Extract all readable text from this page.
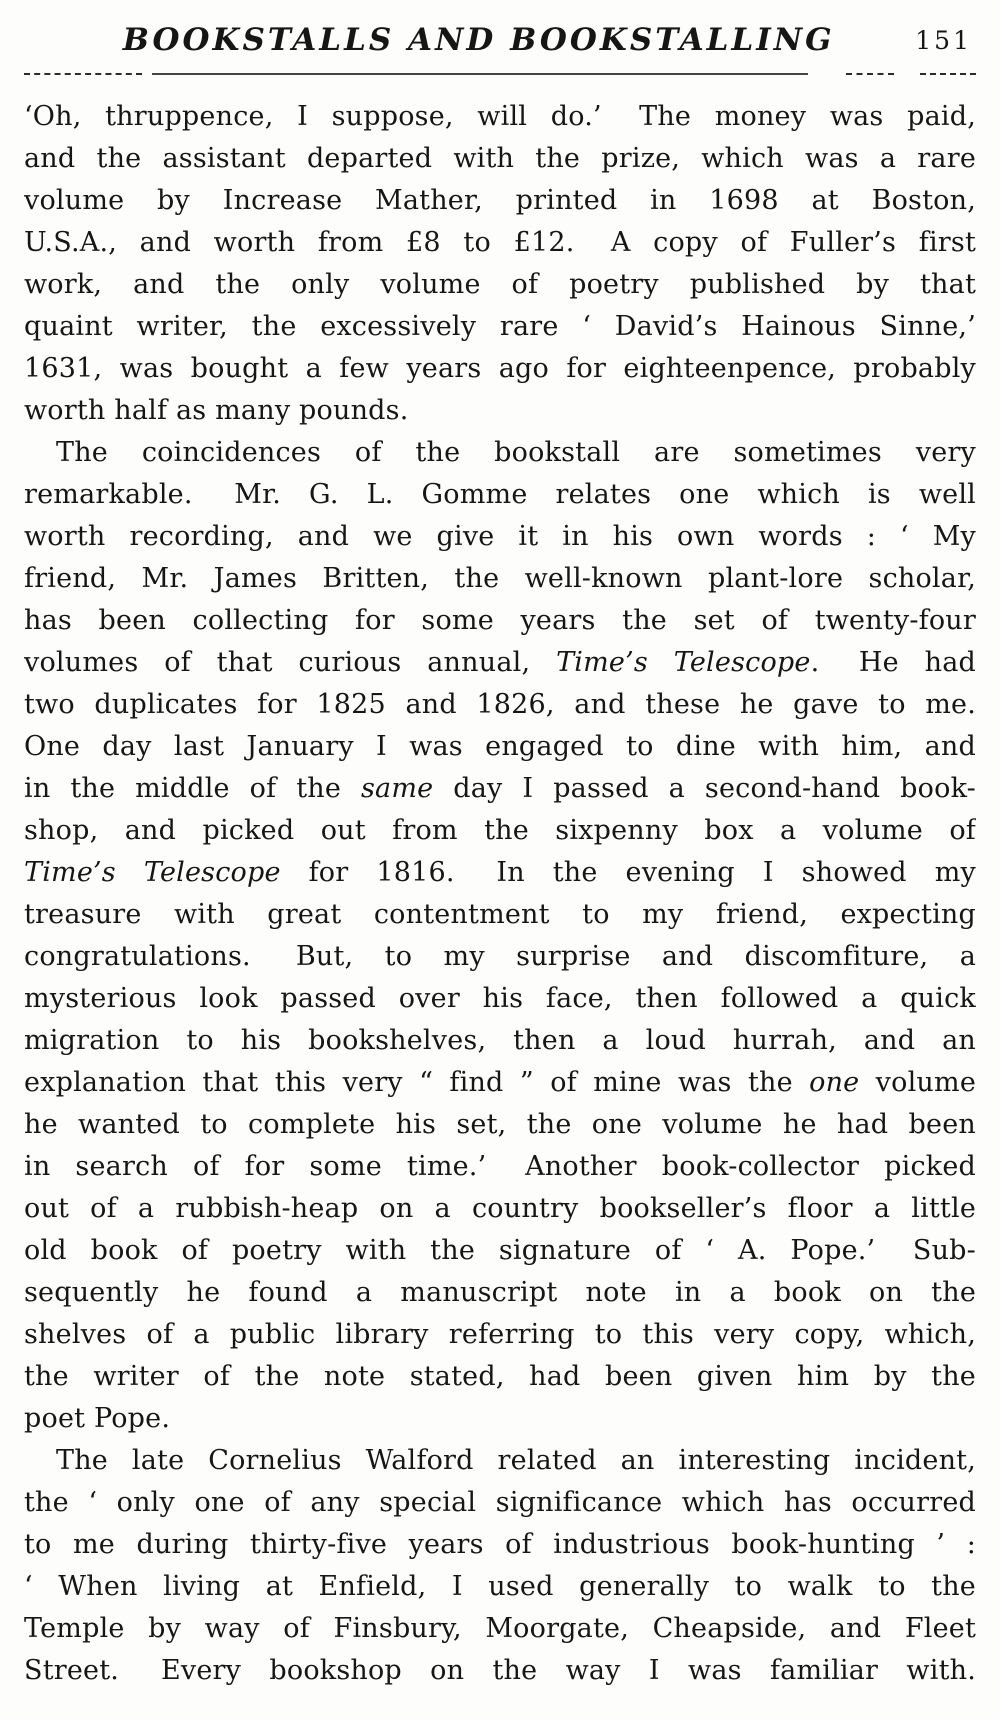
BOOKSTALLS AND BOOKSTALLING	151
‘Oh, thruppence, I suppose, will do.’  The money was paid,
and the assistant departed with the prize, which was a rare
volume by Increase Mather, printed in 1698 at Boston,
U.S.A., and worth from £8 to £12.  A copy of Fuller’s first
work, and the only volume of poetry published by that
quaint writer, the excessively rare ‘ David’s Hainous Sinne,’
1631, was bought a few years ago for eighteenpence, probably
worth half as many pounds.
The coincidences of the bookstall are sometimes very
remarkable.  Mr. G. L. Gomme relates one which is well
worth recording, and we give it in his own words : ‘ My
friend, Mr. James Britten, the well-known plant-lore scholar,
has been collecting for some years the set of twenty-four
volumes of that curious annual, Time’s Telescope.  He had
two duplicates for 1825 and 1826, and these he gave to me.
One day last January I was engaged to dine with him, and
in the middle of the same day I passed a second-hand book-
shop, and picked out from the sixpenny box a volume of
Time’s Telescope for 1816.  In the evening I showed my
treasure with great contentment to my friend, expecting
congratulations.  But, to my surprise and discomfiture, a
mysterious look passed over his face, then followed a quick
migration to his bookshelves, then a loud hurrah, and an
explanation that this very “ find ” of mine was the one volume
he wanted to complete his set, the one volume he had been
in search of for some time.’  Another book-collector picked
out of a rubbish-heap on a country bookseller’s floor a little
old book of poetry with the signature of ‘ A. Pope.’  Sub-
sequently he found a manuscript note in a book on the
shelves of a public library referring to this very copy, which,
the writer of the note stated, had been given him by the
poet Pope.
The late Cornelius Walford related an interesting incident,
the ‘ only one of any special significance which has occurred
to me during thirty-five years of industrious book-hunting ’ :
‘ When living at Enfield, I used generally to walk to the
Temple by way of Finsbury, Moorgate, Cheapside, and Fleet
Street.  Every bookshop on the way I was familiar with.
